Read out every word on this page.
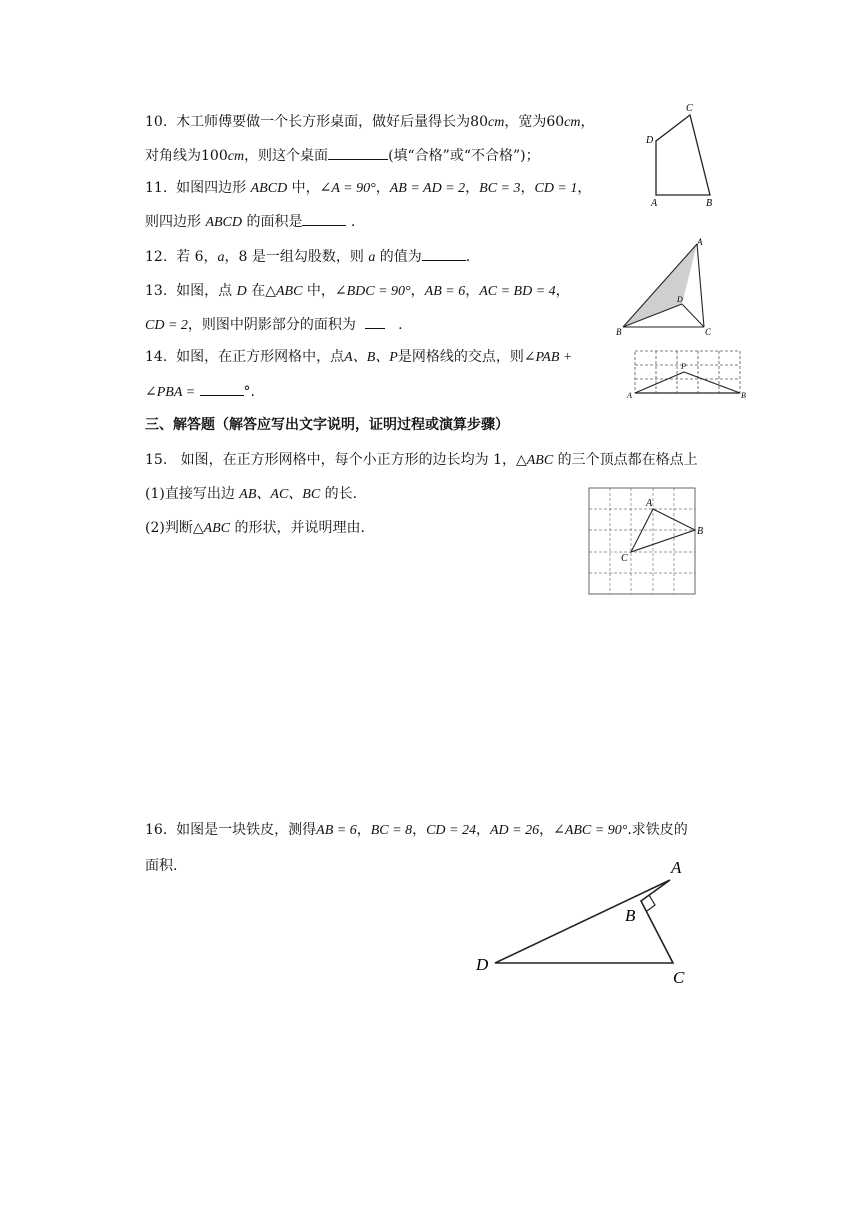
10. 木工师傅要做一个长方形桌面，做好后量得长为80cm，宽为60cm，
对角线为100cm，则这个桌面	(填“合格”或“不合格”)；
11. 如图四边形 ABCD 中，∠A = 90°，AB = AD = 2，BC = 3，CD = 1，
则四边形 ABCD 的面积是	.
12. 若 6，a，8 是一组勾股数，则 a 的值为	.
13. 如图，点 D 在△ABC 中，∠BDC = 90°，AB = 6，AC = BD = 4，
CD = 2，则图中阴影部分的面积为	.
14. 如图，在正方形网格中，点A、B、P是网格线的交点，则∠PAB +
∠PBA =	°.
三、解答题（解答应写出文字说明，证明过程或演算步骤）
15. 如图，在正方形网格中，每个小正方形的边长均为 1，△ABC 的三个顶点都在格点上
(1)直接写出边 AB、AC、BC 的长.
(2)判断△ABC 的形状，并说明理由.
16. 如图是一块铁皮，测得AB = 6，BC = 8，CD = 24，AD = 26，∠ABC = 90°.求铁皮的
面积.
A	B
C
D
A
B	C
D
A	B
P
A
B
C
A
B
C
D
